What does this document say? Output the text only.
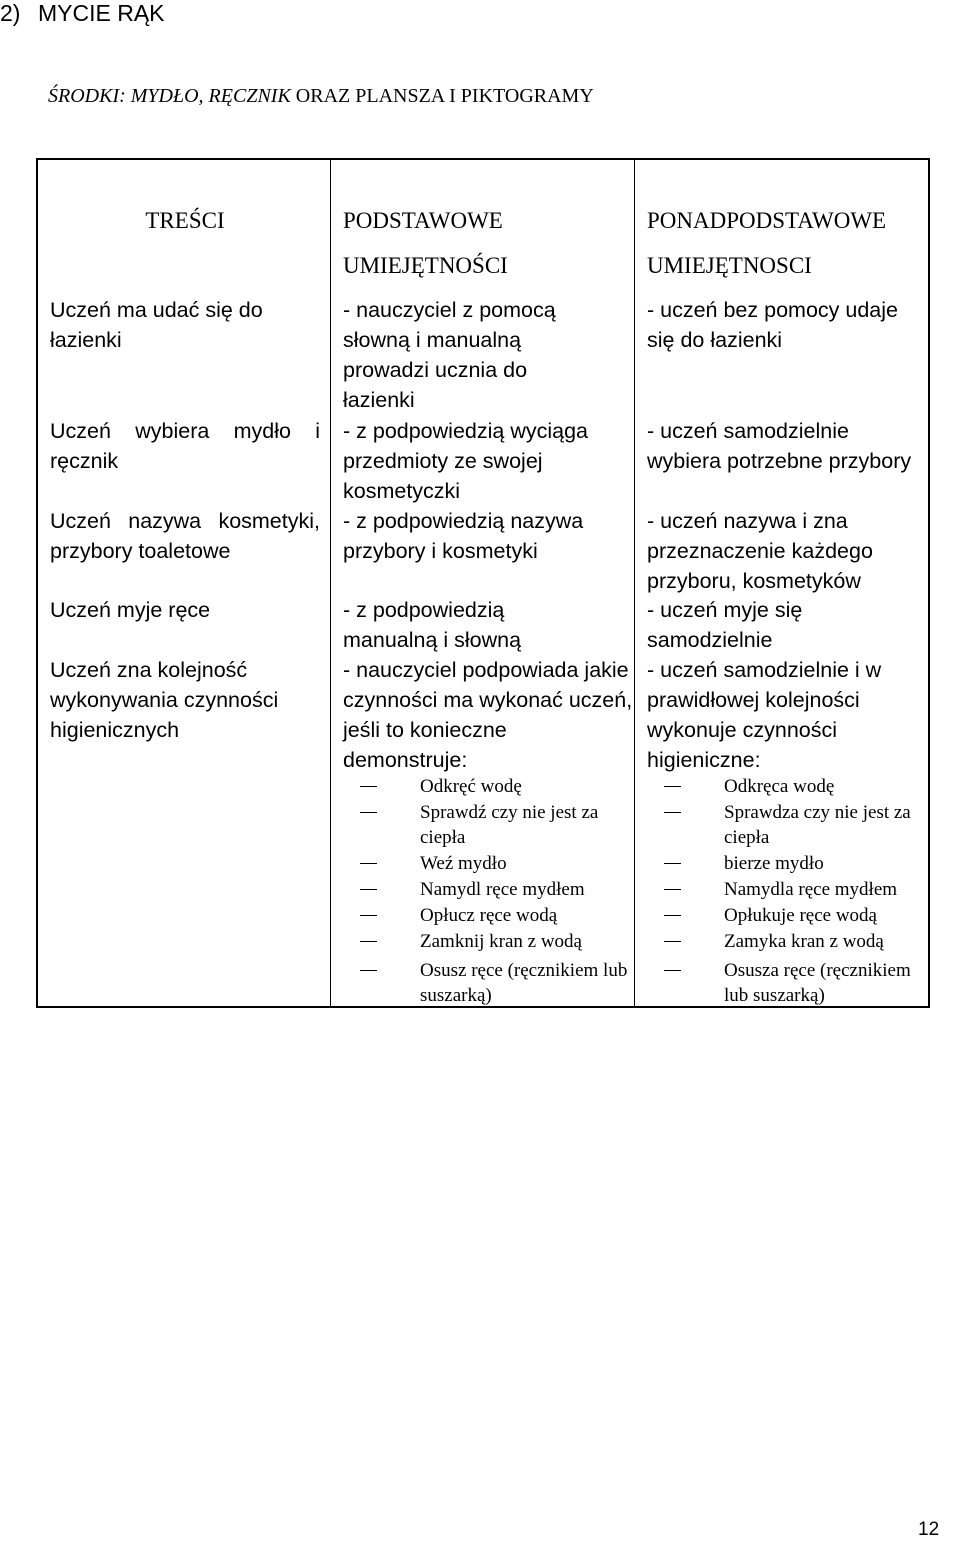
2) MYCIE RĄK
ŚRODKI: MYDŁO, RĘCZNIK ORAZ PLANSZA I PIKTOGRAMY
TREŚCI	PODSTAWOWE
UMIEJĘTNOŚCI
PONADPODSTAWOWE
UMIEJĘTNOSCI
Uczeń ma udać się do łazienki
Uczeń wybiera mydło i ręcznik
Uczeń nazywa kosmetyki, przybory toaletowe
Uczeń myje ręce
Uczeń zna kolejność wykonywania czynności higienicznych
- nauczyciel z pomocą słowną i manualną prowadzi ucznia do łazienki
- z podpowiedzią wyciąga przedmioty ze swojej kosmetyczki
- z podpowiedzią nazywa przybory i kosmetyki
- z podpowiedzią manualną i słowną
- nauczyciel podpowiada jakie czynności ma wykonać uczeń, jeśli to konieczne demonstruje:
Odkręć wodę
Sprawdź czy nie jest za ciepła
Weź mydło
Namydl ręce mydłem
Opłucz ręce wodą
Zamknij kran z wodą
Osusz ręce (ręcznikiem lub suszarką)
- uczeń bez pomocy udaje się do łazienki
- uczeń samodzielnie wybiera potrzebne przybory
- uczeń nazywa i zna przeznaczenie każdego przyboru, kosmetyków
- uczeń myje się samodzielnie
- uczeń samodzielnie i w prawidłowej kolejności wykonuje czynności higieniczne:
Odkręca wodę
Sprawdza czy nie jest za ciepła
bierze mydło
Namydla ręce mydłem
Opłukuje ręce wodą
Zamyka kran z wodą
Osusza ręce (ręcznikiem lub suszarką)
12
